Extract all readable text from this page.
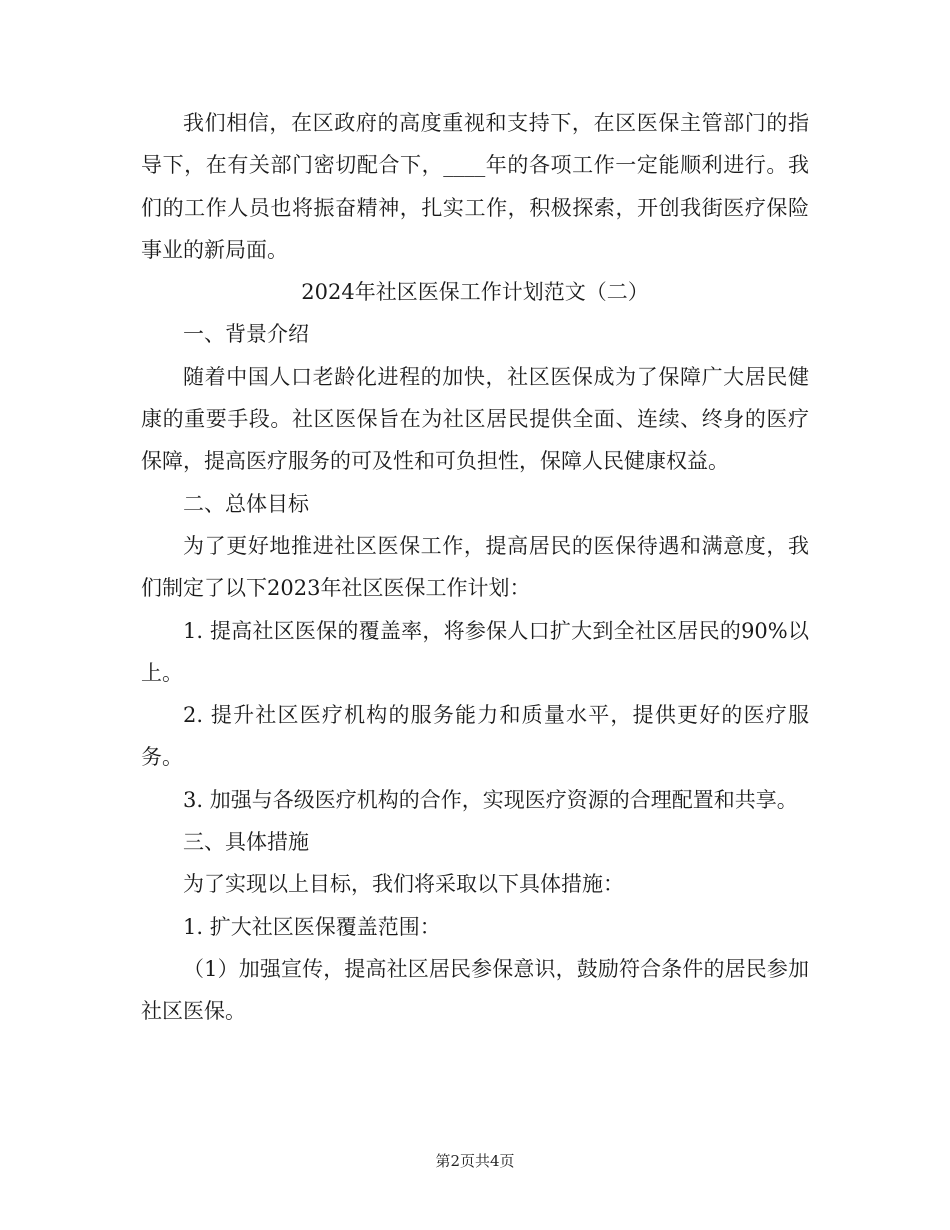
我们相信，在区政府的高度重视和支持下，在区医保主管部门的指导下，在有关部门密切配合下，____年的各项工作一定能顺利进行。我们的工作人员也将振奋精神，扎实工作，积极探索，开创我街医疗保险事业的新局面。

2024年社区医保工作计划范文（二）

一、背景介绍

随着中国人口老龄化进程的加快，社区医保成为了保障广大居民健康的重要手段。社区医保旨在为社区居民提供全面、连续、终身的医疗保障，提高医疗服务的可及性和可负担性，保障人民健康权益。

二、总体目标

为了更好地推进社区医保工作，提高居民的医保待遇和满意度，我们制定了以下2023年社区医保工作计划：

1. 提高社区医保的覆盖率，将参保人口扩大到全社区居民的90%以上。

2. 提升社区医疗机构的服务能力和质量水平，提供更好的医疗服务。

3. 加强与各级医疗机构的合作，实现医疗资源的合理配置和共享。

三、具体措施

为了实现以上目标，我们将采取以下具体措施：

1. 扩大社区医保覆盖范围：

（1）加强宣传，提高社区居民参保意识，鼓励符合条件的居民参加社区医保。

第2页共4页
